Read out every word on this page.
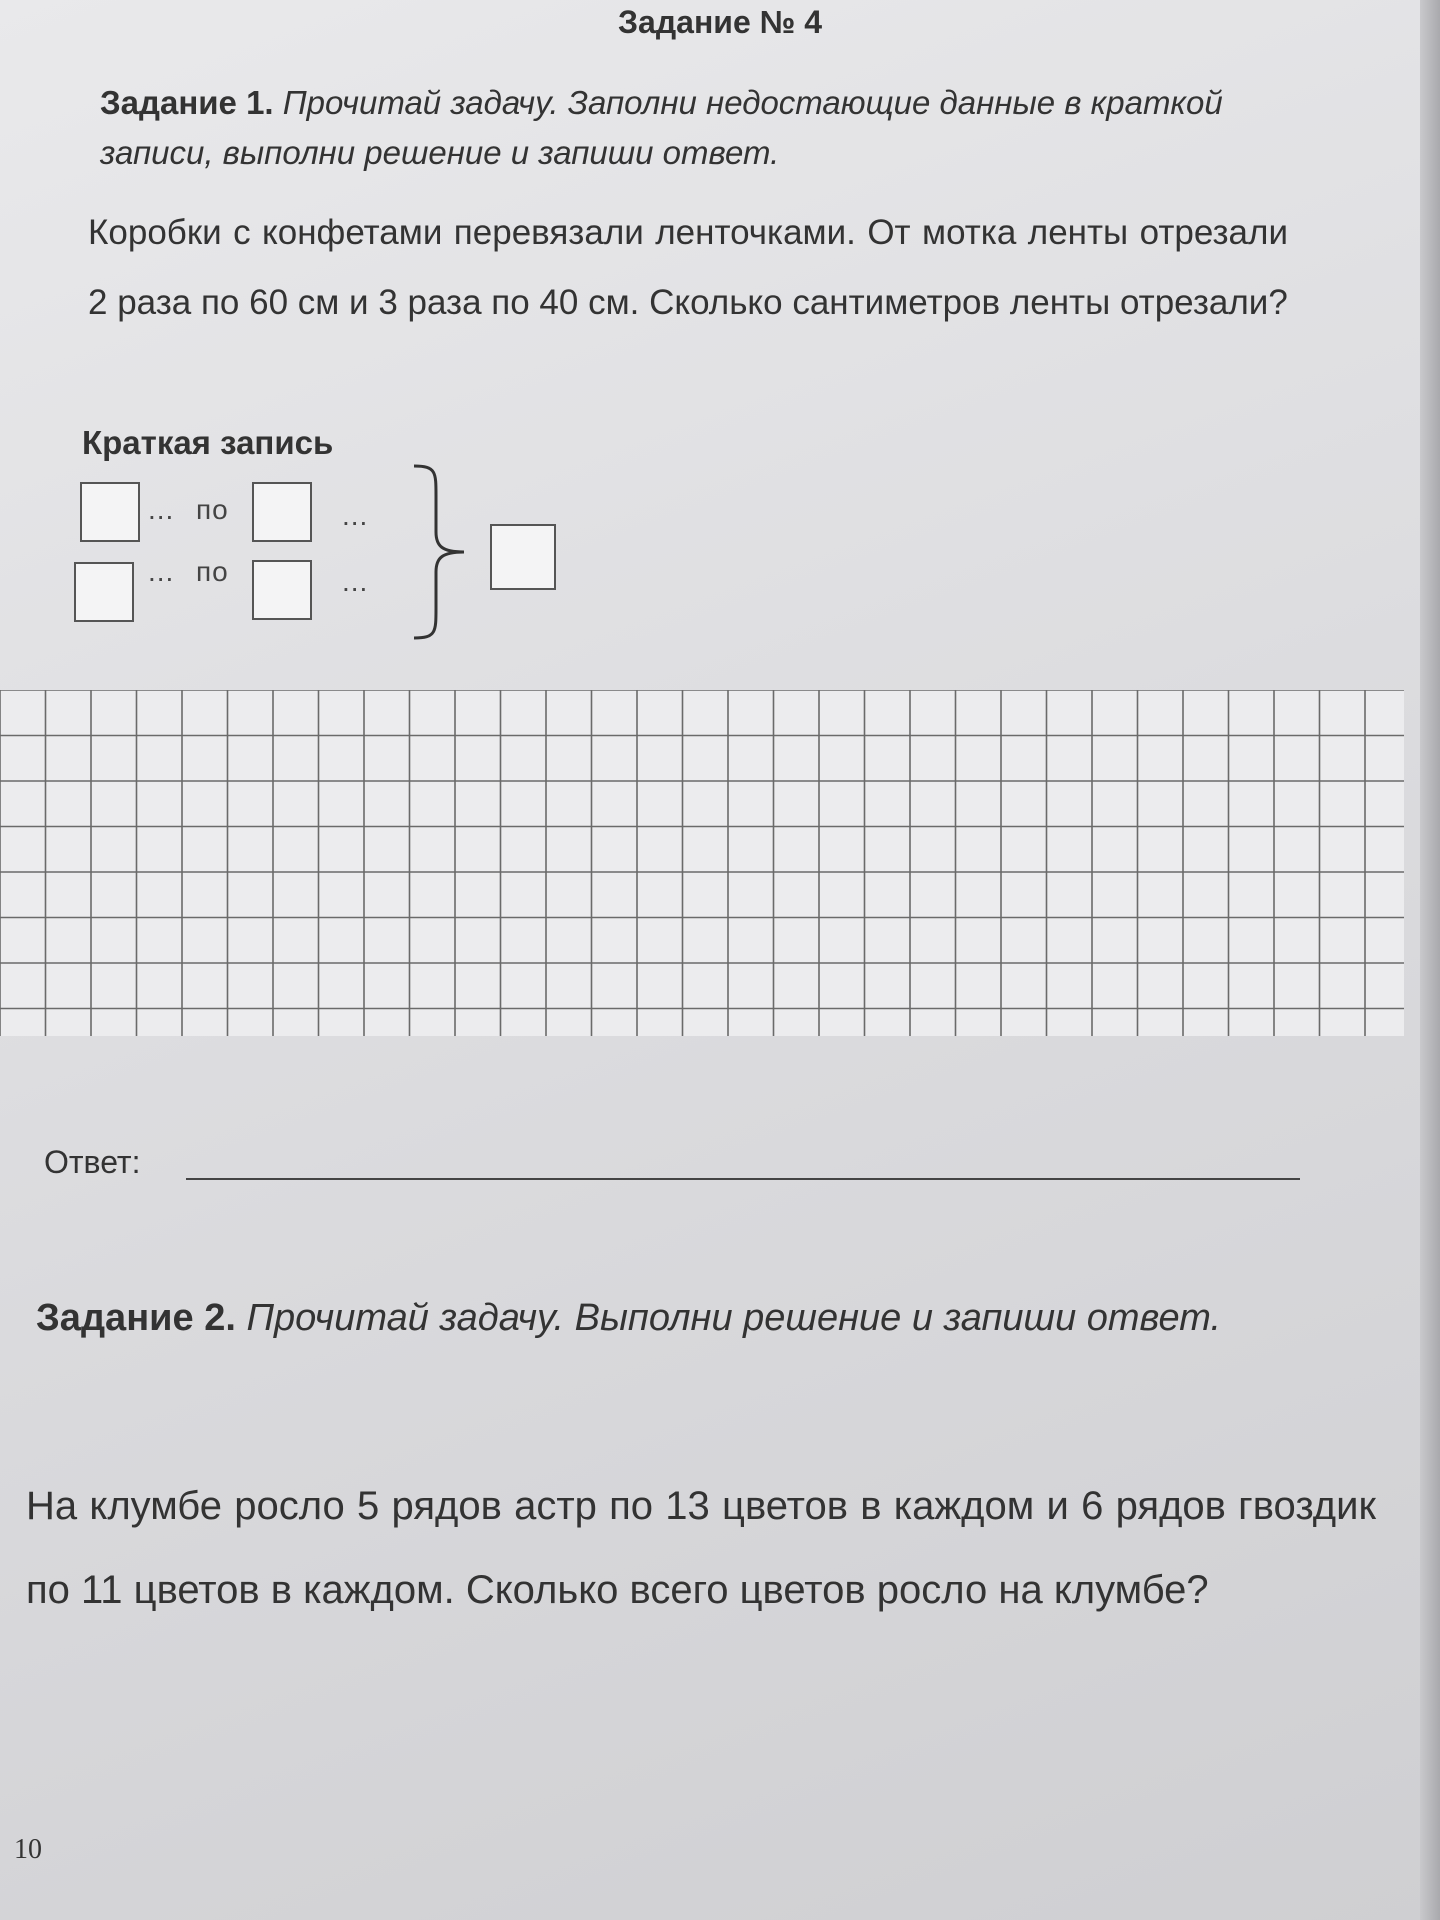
Задание № 4

Задание 1. Прочитай задачу. Заполни недостающие данные в краткой записи, выполни решение и запиши ответ.

Коробки с конфетами перевязали ленточками. От мотка ленты отрезали 2 раза по 60 см и 3 раза по 40 см. Сколько сантиметров ленты отрезали?

Краткая запись
... по	...
... по	...
Ответ:

Задание 2. Прочитай задачу. Выполни решение и запиши ответ.

На клумбе росло 5 рядов астр по 13 цветов в каждом и 6 рядов гвоздик по 11 цветов в каждом. Сколько всего цветов росло на клумбе?

10
